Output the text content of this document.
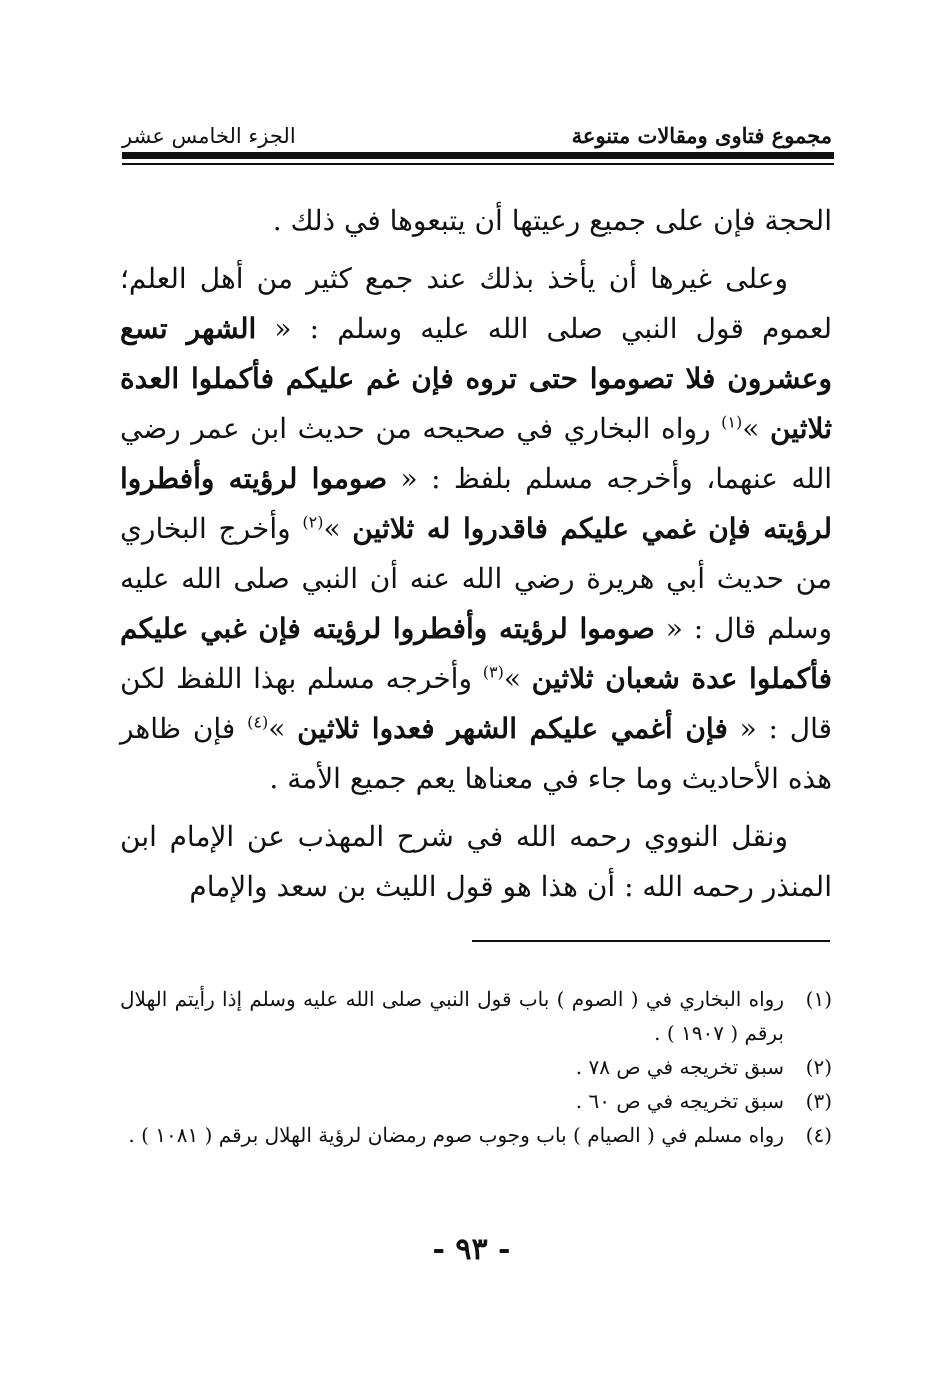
مجموع فتاوى ومقالات متنوعة
الجزء الخامس عشر

الحجة فإن على جميع رعيتها أن يتبعوها في ذلك .

وعلى غيرها أن يأخذ بذلك عند جمع كثير من أهل العلم؛ لعموم قول النبي صلى الله عليه وسلم : « الشهر تسع وعشرون فلا تصوموا حتى تروه فإن غم عليكم فأكملوا العدة ثلاثين »$^{(١)}$ رواه البخاري في صحيحه من حديث ابن عمر رضي الله عنهما، وأخرجه مسلم بلفظ : « صوموا لرؤيته وأفطروا لرؤيته فإن غمي عليكم فاقدروا له ثلاثين »$^{(٢)}$ وأخرج البخاري من حديث أبي هريرة رضي الله عنه أن النبي صلى الله عليه وسلم قال : « صوموا لرؤيته وأفطروا لرؤيته فإن غبي عليكم فأكملوا عدة شعبان ثلاثين »$^{(٣)}$ وأخرجه مسلم بهذا اللفظ لكن قال : « فإن أغمي عليكم الشهر فعدوا ثلاثين »$^{(٤)}$ فإن ظاهر هذه الأحاديث وما جاء في معناها يعم جميع الأمة .

ونقل النووي رحمه الله في شرح المهذب عن الإمام ابن المنذر رحمه الله : أن هذا هو قول الليث بن سعد والإمام

(١)
رواه البخاري في ( الصوم ) باب قول النبي صلى الله عليه وسلم إذا رأيتم الهلال برقم ( ١٩٠٧ ) .
(٢)
سبق تخريجه في ص ٧٨ .
(٣)
سبق تخريجه في ص ٦٠ .
(٤)
رواه مسلم في ( الصيام ) باب وجوب صوم رمضان لرؤية الهلال برقم ( ١٠٨١ ) .
- ٩٣ -
